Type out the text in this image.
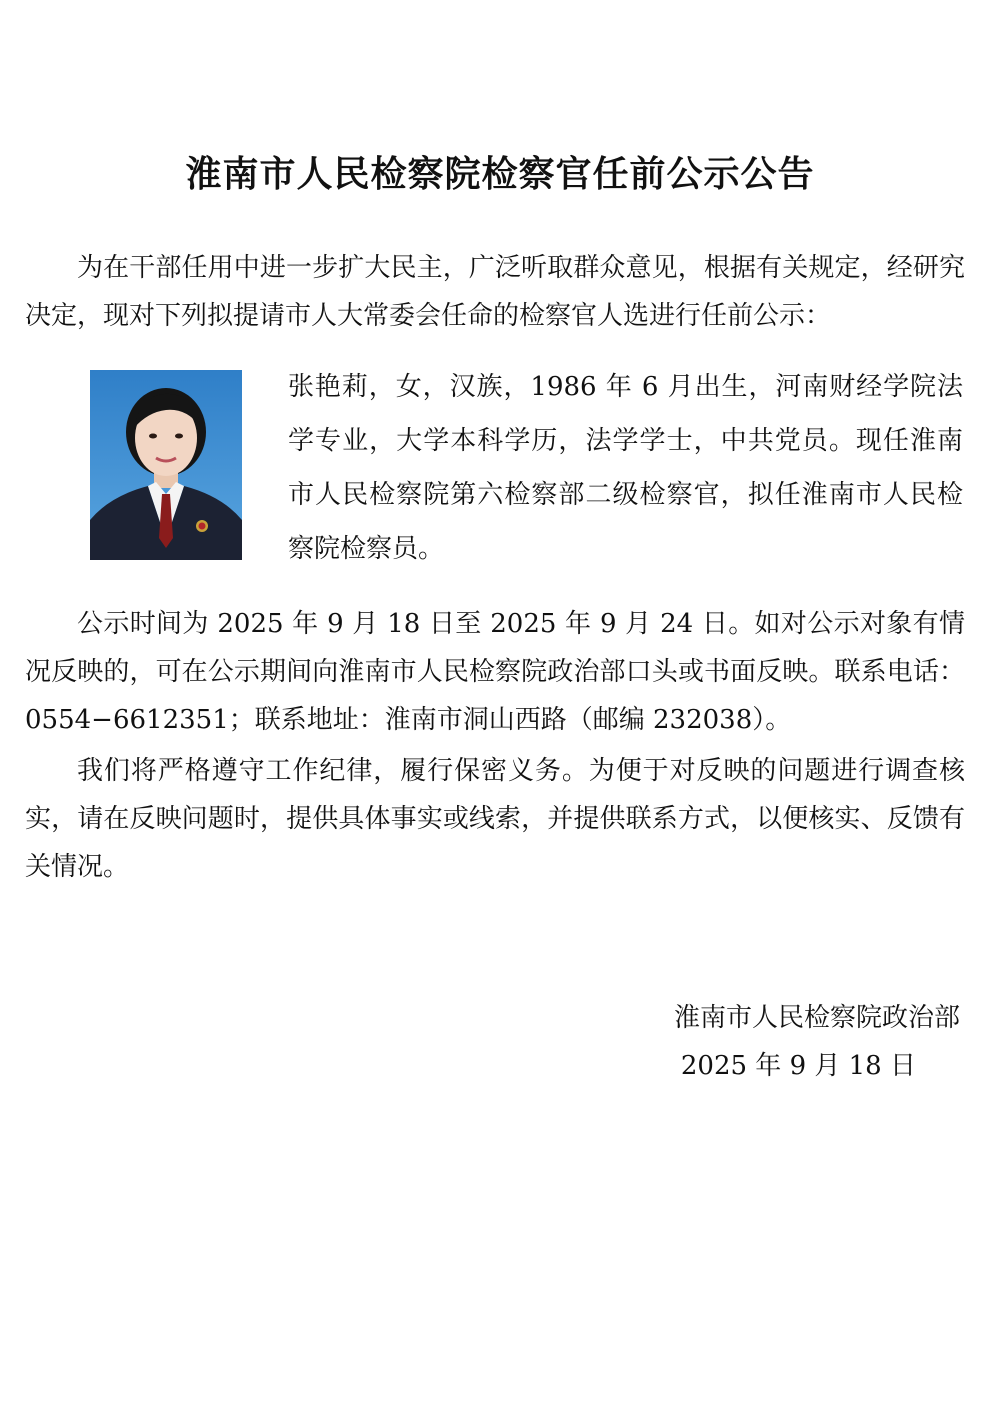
淮南市人民检察院检察官任前公示公告

为在干部任用中进一步扩大民主，广泛听取群众意见，根据有关规定，经研究决定，现对下列拟提请市人大常委会任命的检察官人选进行任前公示：

张艳莉，女，汉族，1986 年 6 月出生，河南财经学院法学专业，大学本科学历，法学学士，中共党员。现任淮南市人民检察院第六检察部二级检察官，拟任淮南市人民检察院检察员。

公示时间为 2025 年 9 月 18 日至 2025 年 9 月 24 日。如对公示对象有情况反映的，可在公示期间向淮南市人民检察院政治部口头或书面反映。联系电话：0554−6612351；联系地址：淮南市洞山西路（邮编 232038）。

我们将严格遵守工作纪律，履行保密义务。为便于对反映的问题进行调查核实，请在反映问题时，提供具体事实或线索，并提供联系方式，以便核实、反馈有关情况。

淮南市人民检察院政治部
2025 年 9 月 18 日
